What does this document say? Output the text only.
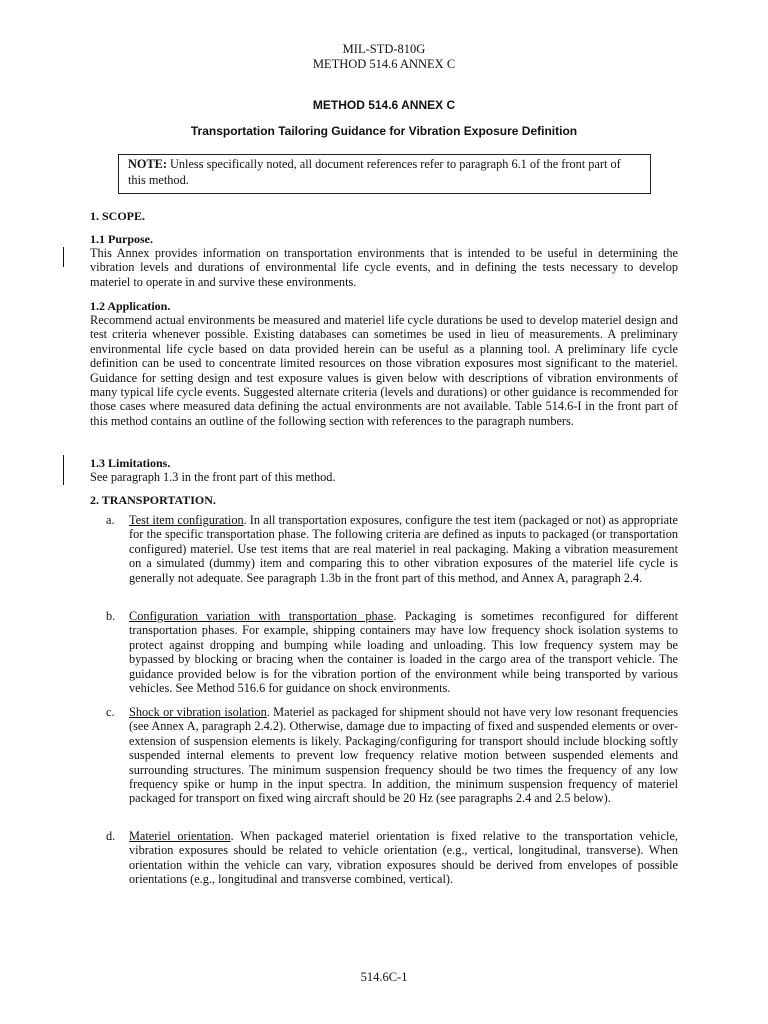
MIL-STD-810G
METHOD 514.6 ANNEX C
METHOD 514.6 ANNEX C
Transportation Tailoring Guidance for Vibration Exposure Definition
NOTE: Unless specifically noted, all document references refer to paragraph 6.1 of the front part of this method.
1. SCOPE.
1.1 Purpose.
This Annex provides information on transportation environments that is intended to be useful in determining the vibration levels and durations of environmental life cycle events, and in defining the tests necessary to develop materiel to operate in and survive these environments.
1.2 Application.
Recommend actual environments be measured and materiel life cycle durations be used to develop materiel design and test criteria whenever possible. Existing databases can sometimes be used in lieu of measurements. A preliminary environmental life cycle based on data provided herein can be useful as a planning tool. A preliminary life cycle definition can be used to concentrate limited resources on those vibration exposures most significant to the materiel. Guidance for setting design and test exposure values is given below with descriptions of vibration environments of many typical life cycle events. Suggested alternate criteria (levels and durations) or other guidance is recommended for those cases where measured data defining the actual environments are not available. Table 514.6-I in the front part of this method contains an outline of the following section with references to the paragraph numbers.
1.3 Limitations.
See paragraph 1.3 in the front part of this method.
2. TRANSPORTATION.
a. Test item configuration. In all transportation exposures, configure the test item (packaged or not) as appropriate for the specific transportation phase. The following criteria are defined as inputs to packaged (or transportation configured) materiel. Use test items that are real materiel in real packaging. Making a vibration measurement on a simulated (dummy) item and comparing this to other vibration exposures of the materiel life cycle is generally not adequate. See paragraph 1.3b in the front part of this method, and Annex A, paragraph 2.4.
b. Configuration variation with transportation phase. Packaging is sometimes reconfigured for different transportation phases. For example, shipping containers may have low frequency shock isolation systems to protect against dropping and bumping while loading and unloading. This low frequency system may be bypassed by blocking or bracing when the container is loaded in the cargo area of the transport vehicle. The guidance provided below is for the vibration portion of the environment while being transported by various vehicles. See Method 516.6 for guidance on shock environments.
c. Shock or vibration isolation. Materiel as packaged for shipment should not have very low resonant frequencies (see Annex A, paragraph 2.4.2). Otherwise, damage due to impacting of fixed and suspended elements or over-extension of suspension elements is likely. Packaging/configuring for transport should include blocking softly suspended internal elements to prevent low frequency relative motion between suspended elements and surrounding structures. The minimum suspension frequency should be two times the frequency of any low frequency spike or hump in the input spectra. In addition, the minimum suspension frequency of materiel packaged for transport on fixed wing aircraft should be 20 Hz (see paragraphs 2.4 and 2.5 below).
d. Materiel orientation. When packaged materiel orientation is fixed relative to the transportation vehicle, vibration exposures should be related to vehicle orientation (e.g., vertical, longitudinal, transverse). When orientation within the vehicle can vary, vibration exposures should be derived from envelopes of possible orientations (e.g., longitudinal and transverse combined, vertical).
514.6C-1
